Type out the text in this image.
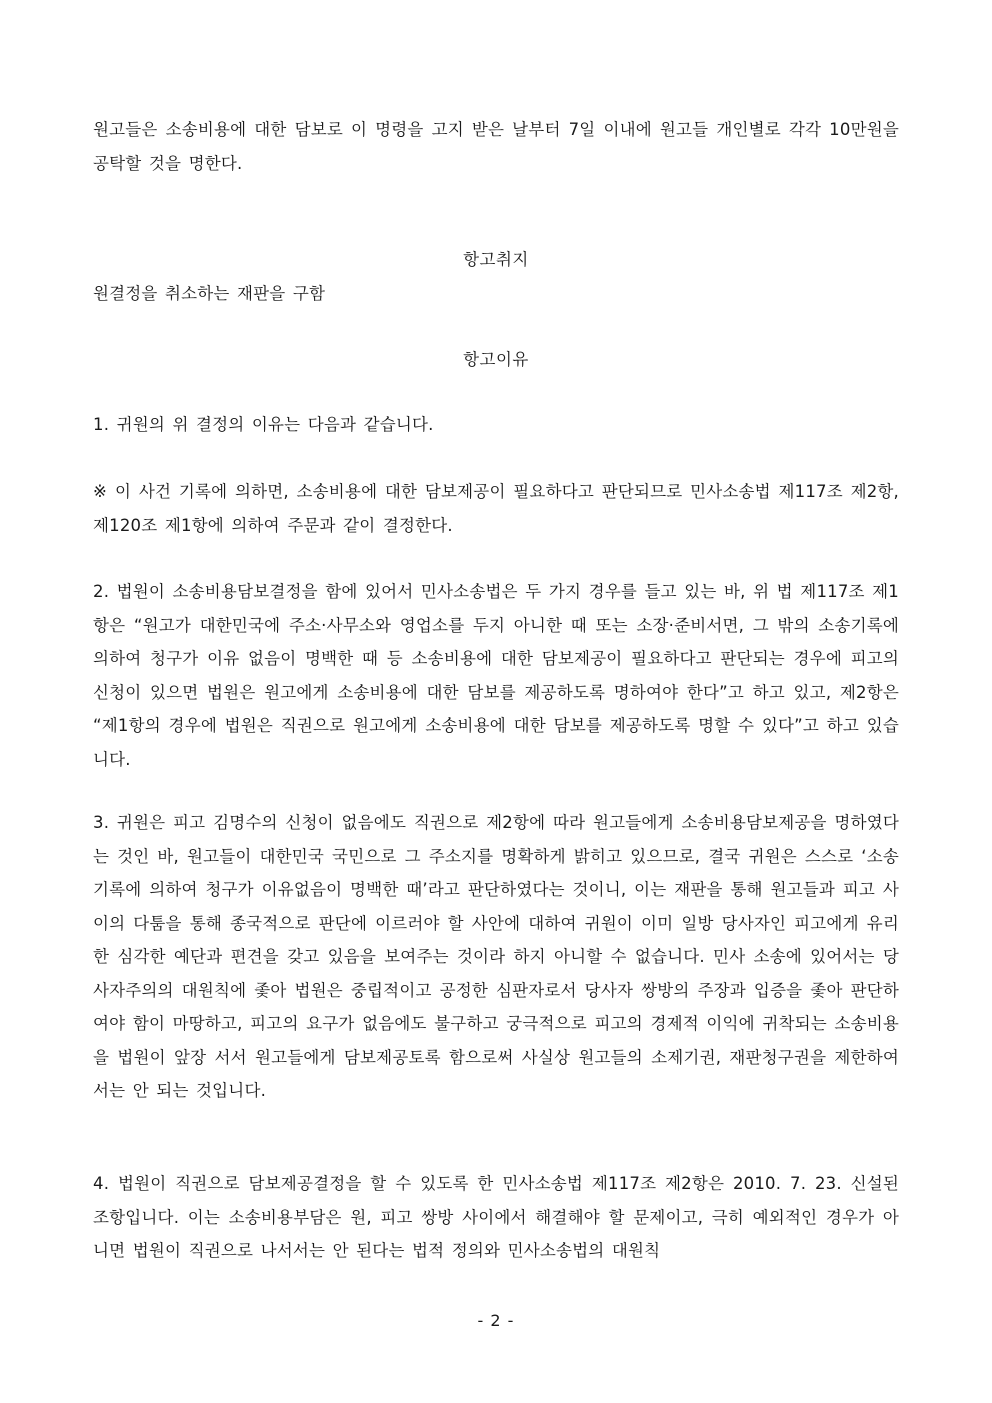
원고들은 소송비용에 대한 담보로 이 명령을 고지 받은 날부터 7일 이내에 원고들 개인별로 각각 10만원을 공탁할 것을 명한다.

항고취지

원결정을 취소하는 재판을 구함

항고이유

1. 귀원의 위 결정의 이유는 다음과 같습니다.

※ 이 사건 기록에 의하면, 소송비용에 대한 담보제공이 필요하다고 판단되므로 민사소송법 제117조 제2항, 제120조 제1항에 의하여 주문과 같이 결정한다.

2. 법원이 소송비용담보결정을 함에 있어서 민사소송법은 두 가지 경우를 들고 있는 바, 위 법 제117조 제1항은 “원고가 대한민국에 주소·사무소와 영업소를 두지 아니한 때 또는 소장·준비서면, 그 밖의 소송기록에 의하여 청구가 이유 없음이 명백한 때 등 소송비용에 대한 담보제공이 필요하다고 판단되는 경우에 피고의 신청이 있으면 법원은 원고에게 소송비용에 대한 담보를 제공하도록 명하여야 한다”고 하고 있고, 제2항은 “제1항의 경우에 법원은 직권으로 원고에게 소송비용에 대한 담보를 제공하도록 명할 수 있다”고 하고 있습니다.

3. 귀원은 피고 김명수의 신청이 없음에도 직권으로 제2항에 따라 원고들에게 소송비용담보제공을 명하였다는 것인 바, 원고들이 대한민국 국민으로 그 주소지를 명확하게 밝히고 있으므로, 결국 귀원은 스스로 ‘소송기록에 의하여 청구가 이유없음이 명백한 때’라고 판단하였다는 것이니, 이는 재판을 통해 원고들과 피고 사이의 다툼을 통해 종국적으로 판단에 이르러야 할 사안에 대하여 귀원이 이미 일방 당사자인 피고에게 유리한 심각한 예단과 편견을 갖고 있음을 보여주는 것이라 하지 아니할 수 없습니다. 민사 소송에 있어서는 당사자주의의 대원칙에 좇아 법원은 중립적이고 공정한 심판자로서 당사자 쌍방의 주장과 입증을 좇아 판단하여야 함이 마땅하고, 피고의 요구가 없음에도 불구하고 궁극적으로 피고의 경제적 이익에 귀착되는 소송비용을 법원이 앞장 서서 원고들에게 담보제공토록 함으로써 사실상 원고들의 소제기권, 재판청구권을 제한하여서는 안 되는 것입니다.

4. 법원이 직권으로 담보제공결정을 할 수 있도록 한 민사소송법 제117조 제2항은 2010. 7. 23. 신설된 조항입니다. 이는 소송비용부담은 원, 피고 쌍방 사이에서 해결해야 할 문제이고, 극히 예외적인 경우가 아니면 법원이 직권으로 나서서는 안 된다는 법적 정의와 민사소송법의 대원칙

- 2 -
